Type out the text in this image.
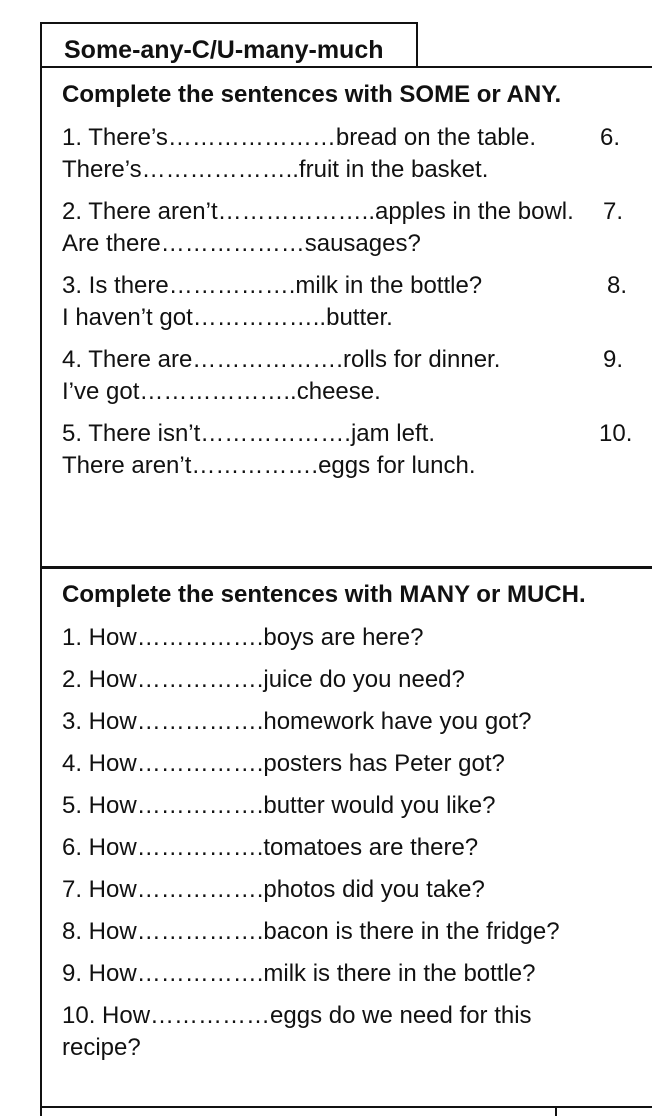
Some-any-C/U-many-much
Complete the sentences with SOME or ANY.
1. There’s…………………bread on the table.
There’s………………..fruit in the basket.
6.
2. There aren’t………………..apples in the bowl.
Are there………………sausages?
7.
3. Is there…………….milk in the bottle?
I haven’t got……………..butter.
8.
4. There are……………….rolls for dinner.
I’ve got………………..cheese.
9.
5. There isn’t……………….jam left.
There aren’t…………….eggs for lunch.
10.
Complete the sentences with MANY or MUCH.
1. How…………….boys are here?
2. How…………….juice do you need?
3. How…………….homework have you got?
4. How…………….posters has Peter got?
5. How…………….butter would you like?
6. How…………….tomatoes are there?
7. How…………….photos did you take?
8. How…………….bacon is there in the fridge?
9. How…………….milk is there in the bottle?
10. How……………eggs do we need for this
recipe?
